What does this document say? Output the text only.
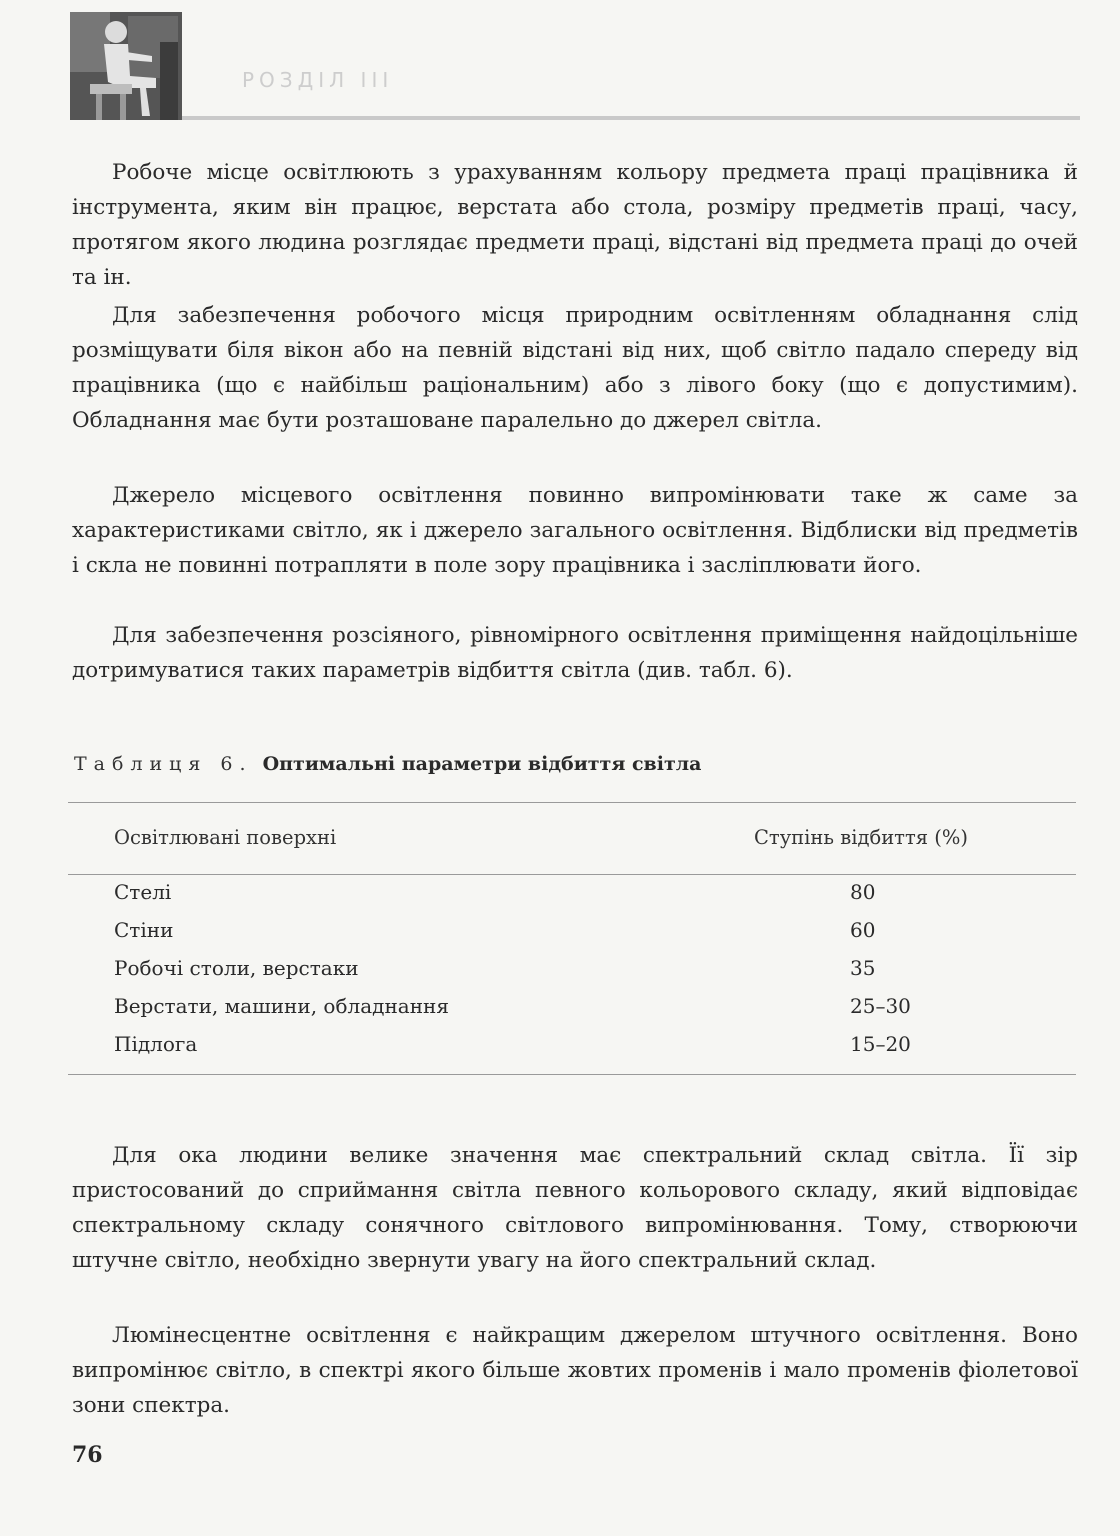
РОЗДІЛ III

Робоче місце освітлюють з урахуванням кольору предмета праці працівника й інструмента, яким він працює, верстата або стола, розміру предметів праці, часу, протягом якого людина розглядає предмети праці, відстані від предмета праці до очей та ін.

Для забезпечення робочого місця природним освітленням обладнання слід розміщувати біля вікон або на певній відстані від них, щоб світло падало спереду від працівника (що є найбільш раціональним) або з лівого боку (що є допустимим). Обладнання має бути розташоване паралельно до джерел світла.

Джерело місцевого освітлення повинно випромінювати таке ж саме за характеристиками світло, як і джерело загального освітлення. Відблиски від предметів і скла не повинні потрапляти в поле зору працівника і засліплювати його.

Для забезпечення розсіяного, рівномірного освітлення приміщення найдоцільніше дотримуватися таких параметрів відбиття світла (див. табл. 6).

Таблиця 6. Оптимальні параметри відбиття світла
Освітлювані поверхні	Ступінь відбиття (%)
Стелі	80
Стіни	60
Робочі столи, верстаки	35
Верстати, машини, обладнання	25–30
Підлога	15–20

Для ока людини велике значення має спектральний склад світла. Її зір пристосований до сприймання світла певного кольорового складу, який відповідає спектральному складу сонячного світлового випромінювання. Тому, створюючи штучне світло, необхідно звернути увагу на його спектральний склад.

Люмінесцентне освітлення є найкращим джерелом штучного освітлення. Воно випромінює світло, в спектрі якого більше жовтих променів і мало променів фіолетової зони спектра.

76
